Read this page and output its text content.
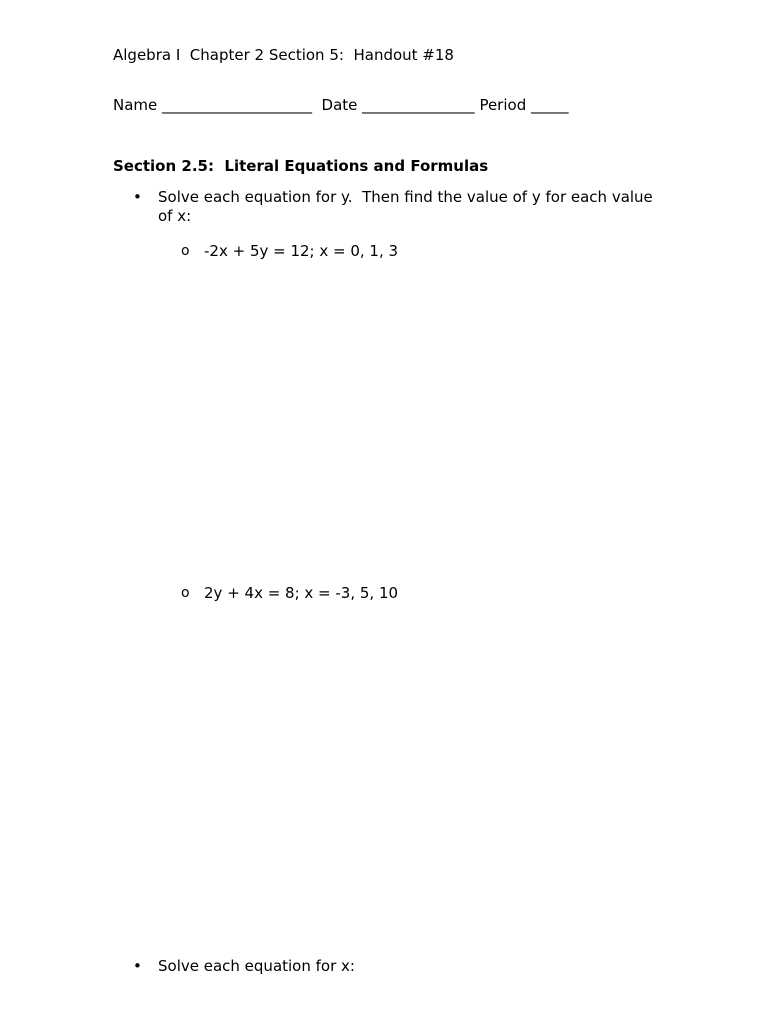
Algebra I  Chapter 2 Section 5:  Handout #18
Name ____________________  Date _______________ Period _____
Section 2.5:  Literal Equations and Formulas
• Solve each equation for y.  Then find the value of y for each value
of x:
o -2x + 5y = 12; x = 0, 1, 3
o 2y + 4x = 8; x = -3, 5, 10
• Solve each equation for x:
